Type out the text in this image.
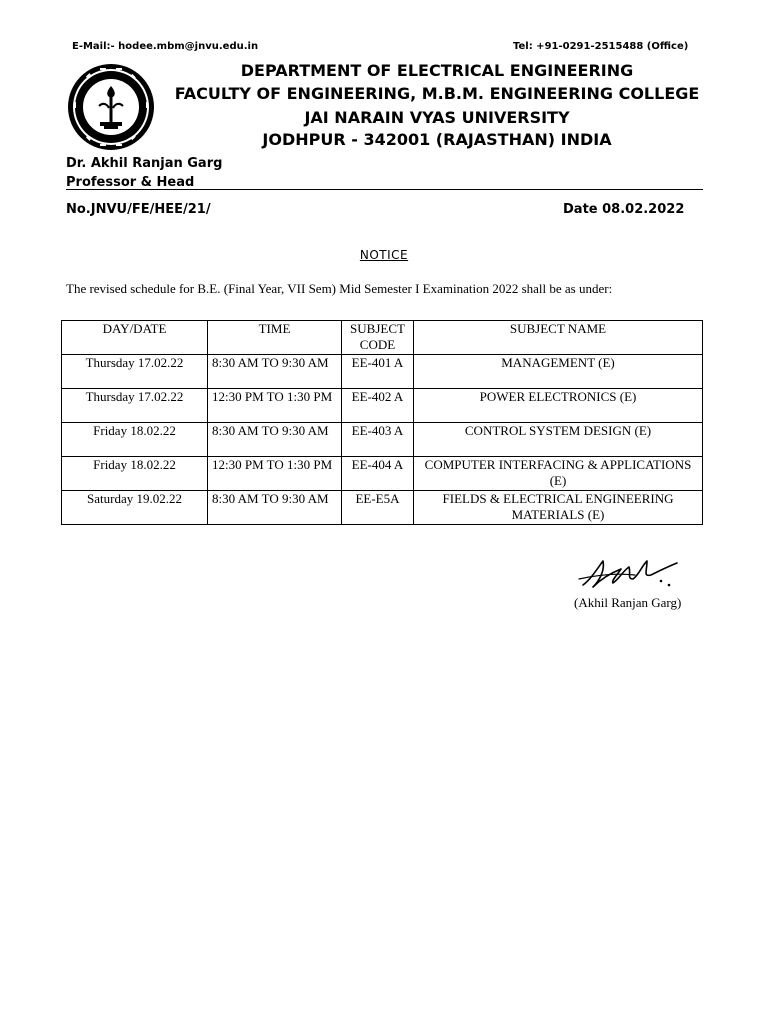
E-Mail:- hodee.mbm@jnvu.edu.in	Tel: +91-0291-2515488 (Office)
DEPARTMENT OF ELECTRICAL ENGINEERING
FACULTY OF ENGINEERING, M.B.M. ENGINEERING COLLEGE
JAI NARAIN VYAS UNIVERSITY
JODHPUR - 342001 (RAJASTHAN) INDIA
Dr. Akhil Ranjan Garg
Professor & Head
No.JNVU/FE/HEE/21/	Date 08.02.2022
NOTICE
The revised schedule for B.E. (Final Year, VII Sem) Mid Semester I Examination 2022 shall be as under:
DAY/DATE	TIME	SUBJECT CODE	SUBJECT NAME
Thursday 17.02.22	8:30 AM TO 9:30 AM	EE-401 A	MANAGEMENT (E)
Thursday 17.02.22	12:30 PM TO 1:30 PM	EE-402 A	POWER ELECTRONICS (E)
Friday 18.02.22	8:30 AM TO 9:30 AM	EE-403 A	CONTROL SYSTEM DESIGN (E)
Friday 18.02.22	12:30 PM TO 1:30 PM	EE-404 A	COMPUTER INTERFACING & APPLICATIONS (E)
Saturday 19.02.22	8:30 AM TO 9:30 AM	EE-E5A	FIELDS & ELECTRICAL ENGINEERING MATERIALS (E)
(Akhil Ranjan Garg)
